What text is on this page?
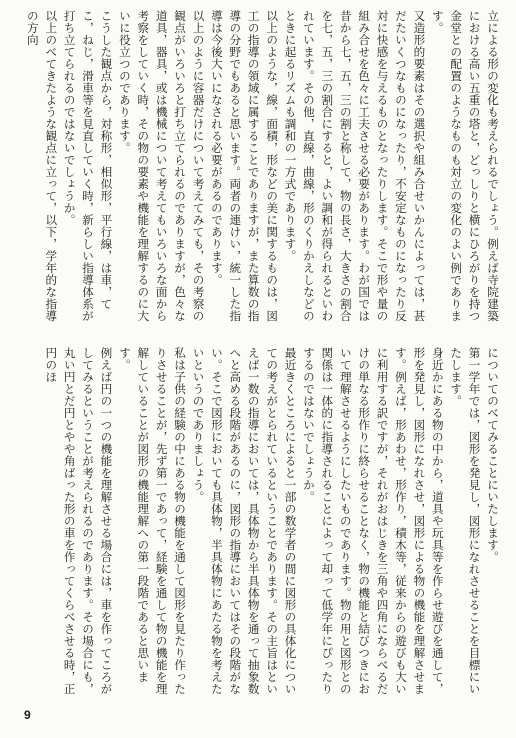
立による形の変化も考えられるでしょう。例えば寺院建築における高い五重の塔と，どっしりと横にひろがりを持つ金堂との配置のようなものも対立の変化のよい例であります。

又造形的要素はその選択や組み合せいかんによっては，甚だたいくつなものになったり，不安定なものになったり反対に快感を与えるものとなったりします。そこで形や量の組み合せを色々に工夫させる必要があります。わが国では昔から七，五，三の割と称して，物の長さ，大きさの割合を七，五，三の割合にすると，よい調和が得られるといわれています。その他，直線，曲線，形のくりかえしなどのときに起るリズムも調和の一方式であります。

以上のような，線，面積，形などの美に関するものは，図工の指導の領域に属することでありますが，また算数の指導の分野でもあると思います。両者の連けい，統一した指導は今後大いになされる必要があるのであります。

以上のように容器だけについて考えてみても，その考察の観点がいろいろと打ち立てられるのでありますが，色々な道具，器具，或は機械について考えてもいろいろな面から考察をしていく時，その物の要素や機能を理解するのに大いに役立つのであります。

こうした観点から，対称形，相似形，平行線，は車，てこ，ねじ，滑車等を見直していく時，新らしい指導体系が打ち立てられるのではないでしょうか。

以上のべてきたような観点に立って，以下，学年的な指導の方向

についてのべてみることにいたします。

第一学年では，図形を発見し，図形になれさせることを目標にいたします。

身近かにある物の中から，道具や玩具等を作らせ遊びを通して，形を発見し，図形になれさせ，図形による物の機能を理解させます。例えば，形あわせ，形作り，積木等，従来からの遊びも大いに利用する訳ですが，それがおはじきを三角や四角にならべるだけの単なる形作りに終らせることなく，物の機能と結びつきにおいて理解させるようにしたいものであります。物の用と図形との関係は一体的に指導されることによって却って低学年にぴったりするのではないでしょうか。

最近きくところによると一部の数学者の間に図形の具体化についての考えがとられているということであります。その主旨はといえば一数の指導においては，具体物から半具体物を通って抽象数へと高める段階があるのに，図形の指導においてはその段階がない。そこで図形においても具体物，半具体物にあたる物を考えたいというのでありましょう。

私は子供の経験の中にある物の機能を通して図形を見たり作ったりさせることが，先ず第一であって，経験を通して物の機能を理解していることが図形の機能理解への第一段階であると思います。

例えば円の一つの機能を理解させる場合には，車を作ってころがしてみるということが考えられるのであります。その場合にも，丸い円とだ円とやや角ばった形の車を作ってくらべさせる時，正円のほ

9
